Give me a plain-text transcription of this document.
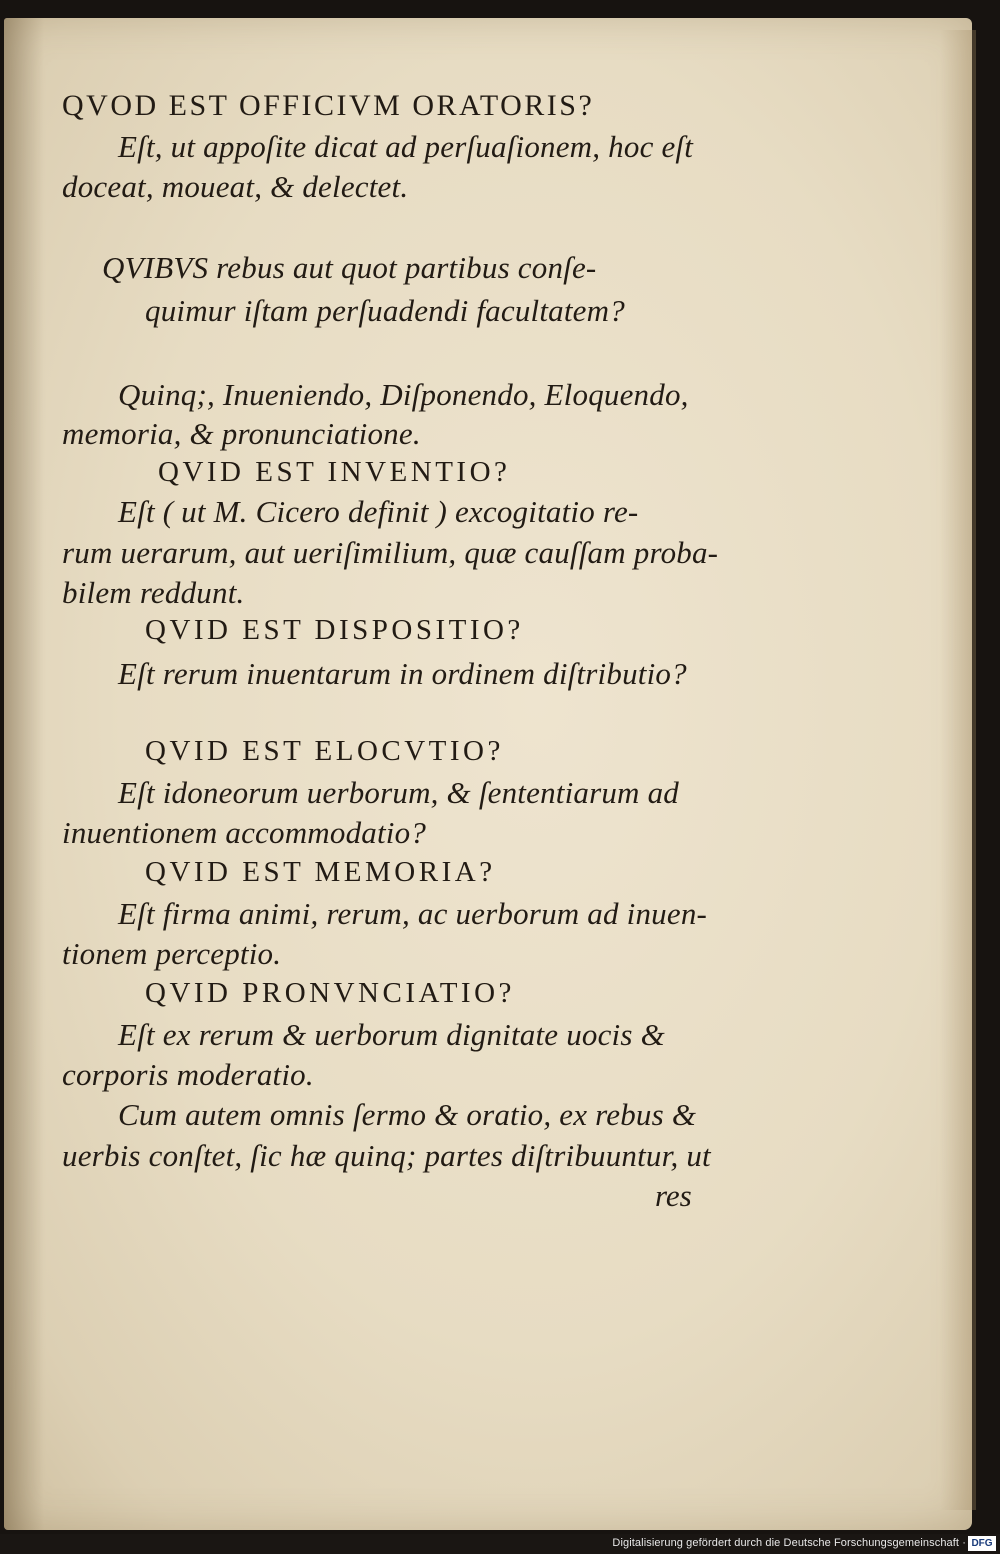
QVOD EST OFFICIVM ORATORIS?
Eſt, ut appoſite dicat ad perſuaſionem, hoc eſt
doceat, moueat, & delectet.
QVIBVS rebus aut quot partibus conſe-
quimur iſtam perſuadendi facultatem?
Quinq;, Inueniendo, Diſponendo, Eloquendo,
memoria, & pronunciatione.
QVID EST INVENTIO?
Eſt ( ut M. Cicero definit ) excogitatio re-
rum uerarum, aut ueriſimilium, quæ cauſſam proba-
bilem reddunt.
QVID EST DISPOSITIO?
Eſt rerum inuentarum in ordinem diſtributio?
QVID EST ELOCVTIO?
Eſt idoneorum uerborum, & ſententiarum ad
inuentionem accommodatio?
QVID EST MEMORIA?
Eſt firma animi, rerum, ac uerborum ad inuen-
tionem perceptio.
QVID PRONVNCIATIO?
Eſt ex rerum & uerborum dignitate uocis &
corporis moderatio.
Cum autem omnis ſermo & oratio, ex rebus &
uerbis conſtet, ſic hæ quinq; partes diſtribuuntur, ut
res
Digitalisierung gefördert durch die Deutsche Forschungsgemeinschaft · DFG
